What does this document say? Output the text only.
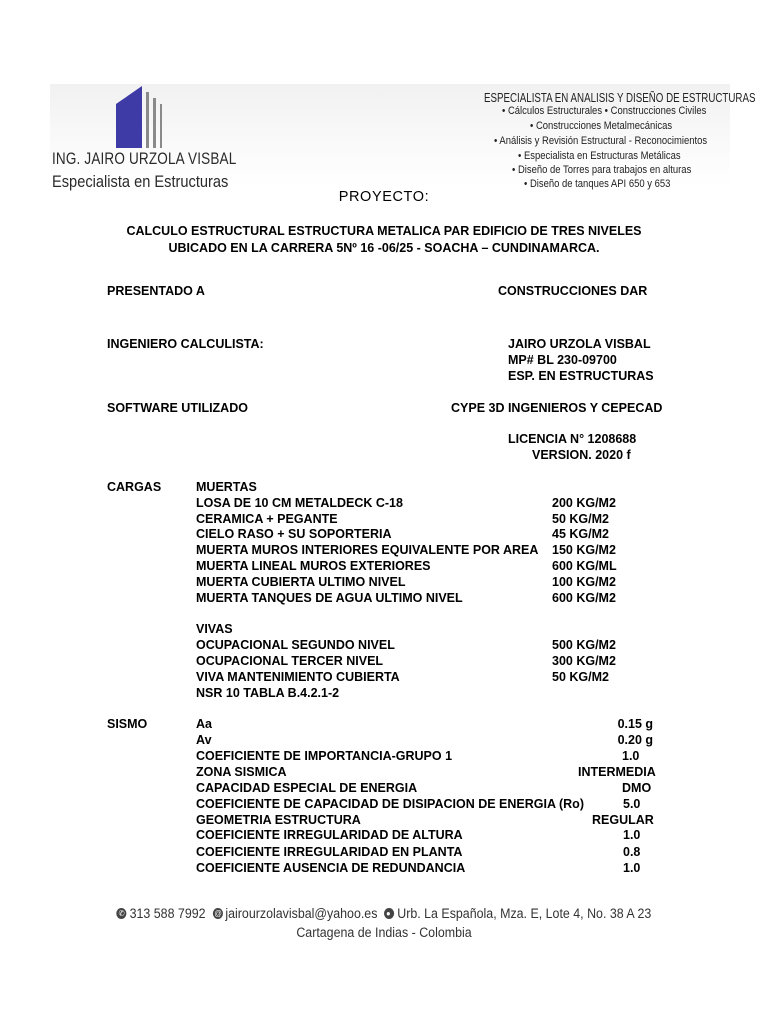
ING. JAIRO URZOLA VISBAL
Especialista en Estructuras
ESPECIALISTA EN ANALISIS Y DISEÑO DE ESTRUCTURAS
• Cálculos Estructurales • Construcciones Civiles
• Construcciones Metalmecánicas
• Análisis y Revisión Estructural - Reconocimientos
• Especialista en Estructuras Metálicas
• Diseño de Torres para trabajos en alturas
• Diseño de tanques API 650 y 653
PROYECTO:
CALCULO ESTRUCTURAL ESTRUCTURA METALICA PAR EDIFICIO DE TRES NIVELES
UBICADO EN LA CARRERA 5Nº 16 -06/25 - SOACHA – CUNDINAMARCA.
PRESENTADO A	CONSTRUCCIONES DAR
INGENIERO CALCULISTA:	JAIRO URZOLA VISBAL
MP# BL 230-09700
ESP. EN ESTRUCTURAS
SOFTWARE UTILIZADO	CYPE 3D INGENIEROS Y CEPECAD
LICENCIA N° 1208688
VERSION. 2020 f
CARGAS	MUERTAS
LOSA DE 10 CM METALDECK C-18	200 KG/M2
CERAMICA + PEGANTE	50 KG/M2
CIELO RASO + SU SOPORTERIA	45 KG/M2
MUERTA MUROS INTERIORES EQUIVALENTE POR AREA 150 KG/M2
MUERTA LINEAL MUROS EXTERIORES	600 KG/ML
MUERTA CUBIERTA ULTIMO NIVEL	100 KG/M2
MUERTA TANQUES DE AGUA ULTIMO NIVEL	600 KG/M2
VIVAS
OCUPACIONAL SEGUNDO NIVEL	500 KG/M2
OCUPACIONAL TERCER NIVEL	300 KG/M2
VIVA MANTENIMIENTO CUBIERTA	50 KG/M2
NSR 10 TABLA B.4.2.1-2
SISMO	Aa	0.15 g
Av	0.20 g
COEFICIENTE DE IMPORTANCIA-GRUPO 1	1.0
ZONA SISMICA	INTERMEDIA
CAPACIDAD ESPECIAL DE ENERGIA	DMO
COEFICIENTE DE CAPACIDAD DE DISIPACION DE ENERGIA (Ro)	5.0
GEOMETRIA ESTRUCTURA	REGULAR
COEFICIENTE IRREGULARIDAD DE ALTURA	1.0
COEFICIENTE IRREGULARIDAD EN PLANTA	0.8
COEFICIENTE AUSENCIA DE REDUNDANCIA	1.0
✆ 313 588 7992 @ jairourzolavisbal@yahoo.es ● Urb. La Española, Mza. E, Lote 4, No. 38 A 23
Cartagena de Indias - Colombia
